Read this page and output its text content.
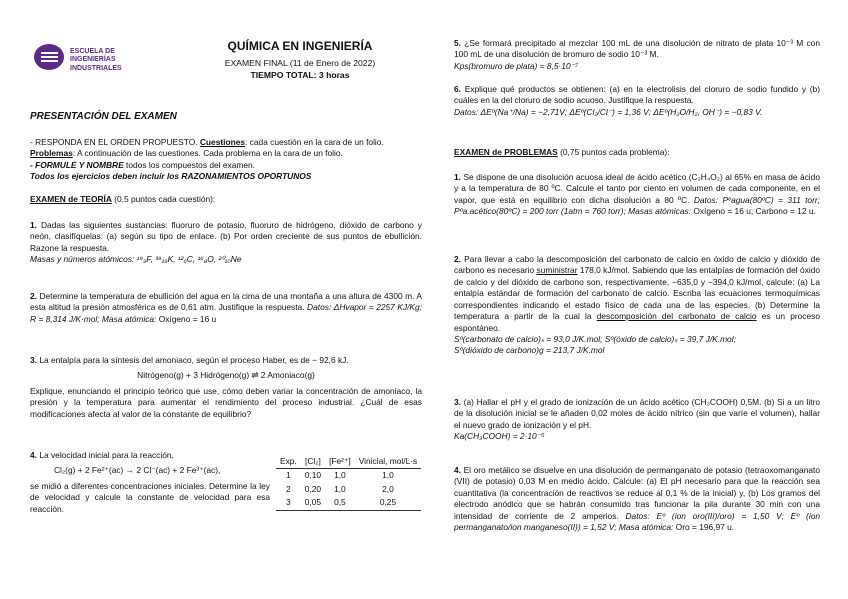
ESCUELA DE INGENIERÍAS
INDUSTRIALES
QUÍMICA EN INGENIERÍA
EXAMEN FINAL (11 de Enero de 2022)
TIEMPO TOTAL: 3 horas
PRESENTACIÓN DEL EXAMEN

- RESPONDA EN EL ORDEN PROPUESTO. Cuestiones: cada cuestión en la cara de un folio.

Problemas: A continuación de las cuestiones. Cada problema en la cara de un folio.

- FORMULE Y NOMBRE todos los compuestos del examen.

Todos los ejercicios deben incluir los RAZONAMIENTOS OPORTUNOS

EXAMEN de TEORÍA (0,5 puntos cada cuestión):

1. Dadas las siguientes sustancias: fluoruro de potasio, fluoruro de hidrógeno, dióxido de carbono y neón, clasifíquelas: (a) según su tipo de enlace. (b) Por orden creciente de sus puntos de ebullición. Razone la respuesta.

Masas y números atómicos: ¹⁹₉F, ³⁹₁₉K, ¹²₆C, ¹⁶₈O, ²⁰₁₀Ne

2. Determine la temperatura de ebullición del agua en la cima de una montaña a una altura de 4300 m. A esta altitud la presión atmosférica es de 0,61 atm. Justifique la respuesta. Datos: ΔHvapor = 2257 KJ/Kg; R = 8,314 J/K·mol; Masa atómica: Oxígeno = 16 u

3. La entalpía para la síntesis del amoniaco, según el proceso Haber, es de − 92,6 kJ.

Nitrógeno(g) + 3 Hidrógeno(g) ⇌ 2 Amoniaco(g)

Explique, enunciando el principio teórico que use, cómo deben variar la concentración de amoniaco, la presión y la temperatura para aumentar el rendimiento del proceso industrial. ¿Cuál de esas modificaciones afecta al valor de la constante de equilibrio?

4. La velocidad inicial para la reacción,

Cl₂(g) + 2 Fe²⁺(ac) → 2 Cl⁻(ac) + 2 Fe³⁺(ac),

se midió a diferentes concentraciones iniciales. Determine la ley de velocidad y calcule la constante de velocidad para esa reacción.

Exp.	[Cl₂]	[Fe²⁺]	Vinicial, mol/L·s
1	0,10	1,0	1,0
2	0,20	1,0	2,0
3	0,05	0,5	0,25

5. ¿Se formará precipitado al mezclar 100 mL de una disolución de nitrato de plata 10⁻³ M con 100 mL de una disolución de bromuro de sodio 10⁻³ M.

Kps(bromuro de plata) = 8,5·10⁻⁷

6. Explique qué productos se obtienen: (a) en la electrolisis del cloruro de sodio fundido y (b) cuáles en la del cloruro de sodio acuoso. Justifique la respuesta.

Datos: ΔEº(Na⁺/Na) = −2,71V; ΔEº(Cl₂/Cl⁻) = 1,36 V; ΔEº(H₂O/H₂, OH⁻) = −0,83 V.

EXAMEN de PROBLEMAS (0,75 puntos cada problema):

1. Se dispone de una disolución acuosa ideal de ácido acético (C₂H₄O₂) al 65% en masa de ácido y a la temperatura de 80 ºC. Calcule el tanto por ciento en volumen de cada componente, en el vapor, que está en equilibrio con dicha disolución a 80 ºC. Datos: Pºagua(80ºC) = 311 torr; Pºa.acético(80ºC) = 200 torr (1atm = 760 torr); Masas atómicas: Oxígeno = 16 u; Carbono = 12 u.

2. Para llevar a cabo la descomposición del carbonato de calcio en óxido de calcio y dióxido de carbono es necesario suministrar 178,0 kJ/mol. Sabiendo que las entalpías de formación del óxido de calcio y del dióxido de carbono son, respectivamente, −635,0 y −394,0 kJ/mol, calcule: (a) La entalpía estándar de formación del carbonato de calcio. Escriba las ecuaciones termoquímicas correspondientes indicando el estado físico de cada una de las especies. (b) Determine la temperatura a partir de la cual la descomposición del carbonato de calcio es un proceso espontáneo.

Sº(carbonato de calcio)ₛ = 93,0 J/K.mol; Sº(óxido de calcio)ₛ = 39,7 J/K.mol;

Sº(dióxido de carbono)g = 213,7 J/K.mol

3. (a) Hallar el pH y el grado de ionización de un ácido acético (CH₃COOH) 0,5M. (b) Si a un litro de la disolución inicial se le añaden 0,02 moles de ácido nítrico (sin que varíe el volumen), hallar el nuevo grado de ionización y el pH.

Ka(CH₃COOH) = 2·10⁻⁵

4. El oro metálico se disuelve en una disolución de permanganato de potasio (tetraoxomanganato (VII) de potasio) 0,03 M en medio ácido. Calcule: (a) El pH necesario para que la reacción sea cuantitativa (la concentración de reactivos se reduce al 0,1 % de la inicial) y, (b) Los gramos del electrodo anódico que se habrán consumido tras funcionar la pila durante 30 min con una intensidad de corriente de 2 amperios. Datos: Eº (ion oro(III)/oro) = 1,50 V; Eº (ion permanganato/ion manganeso(II)) = 1,52 V; Masa atómica: Oro = 196,97 u.
